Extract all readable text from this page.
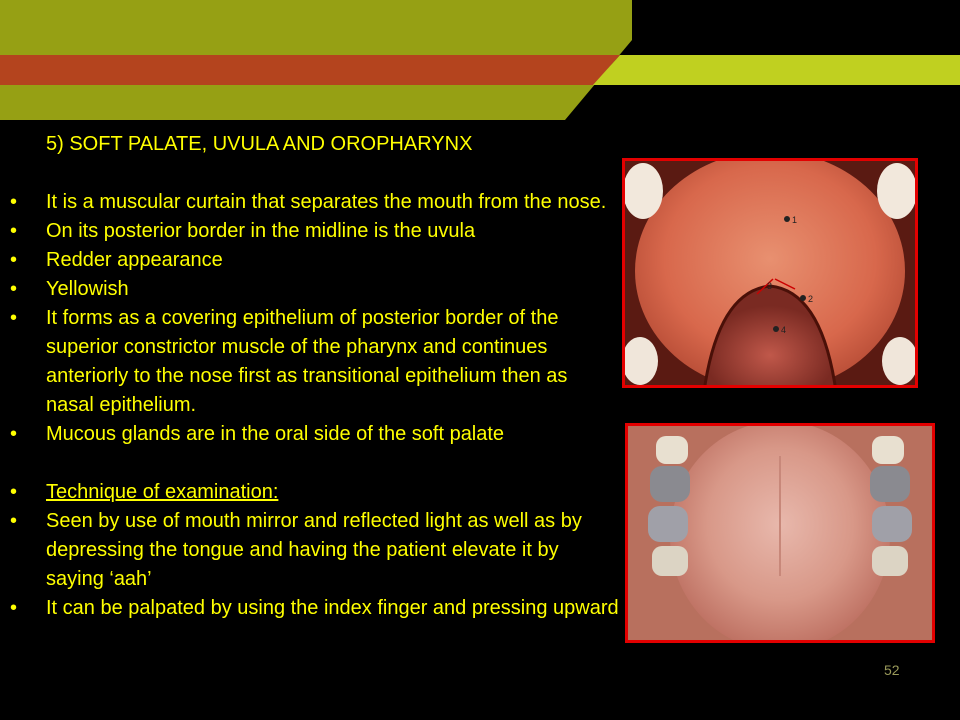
5) SOFT PALATE, UVULA AND OROPHARYNX

• It is a muscular curtain that separates the mouth from the nose.

• On its posterior border in the midline is the uvula

• Redder appearance

• Yellowish

• It forms as a covering epithelium of posterior border of the superior constrictor muscle of the pharynx and continues anteriorly to the nose first as transitional epithelium then as nasal epithelium.

• Mucous glands are in the oral side of the soft palate

• Technique of examination:

• Seen by use of mouth mirror and reflected light as well as by depressing the tongue and having the patient elevate it by saying ‘aah’

• It can be palpated by using the index finger and pressing upward

1
2
3
4
52
